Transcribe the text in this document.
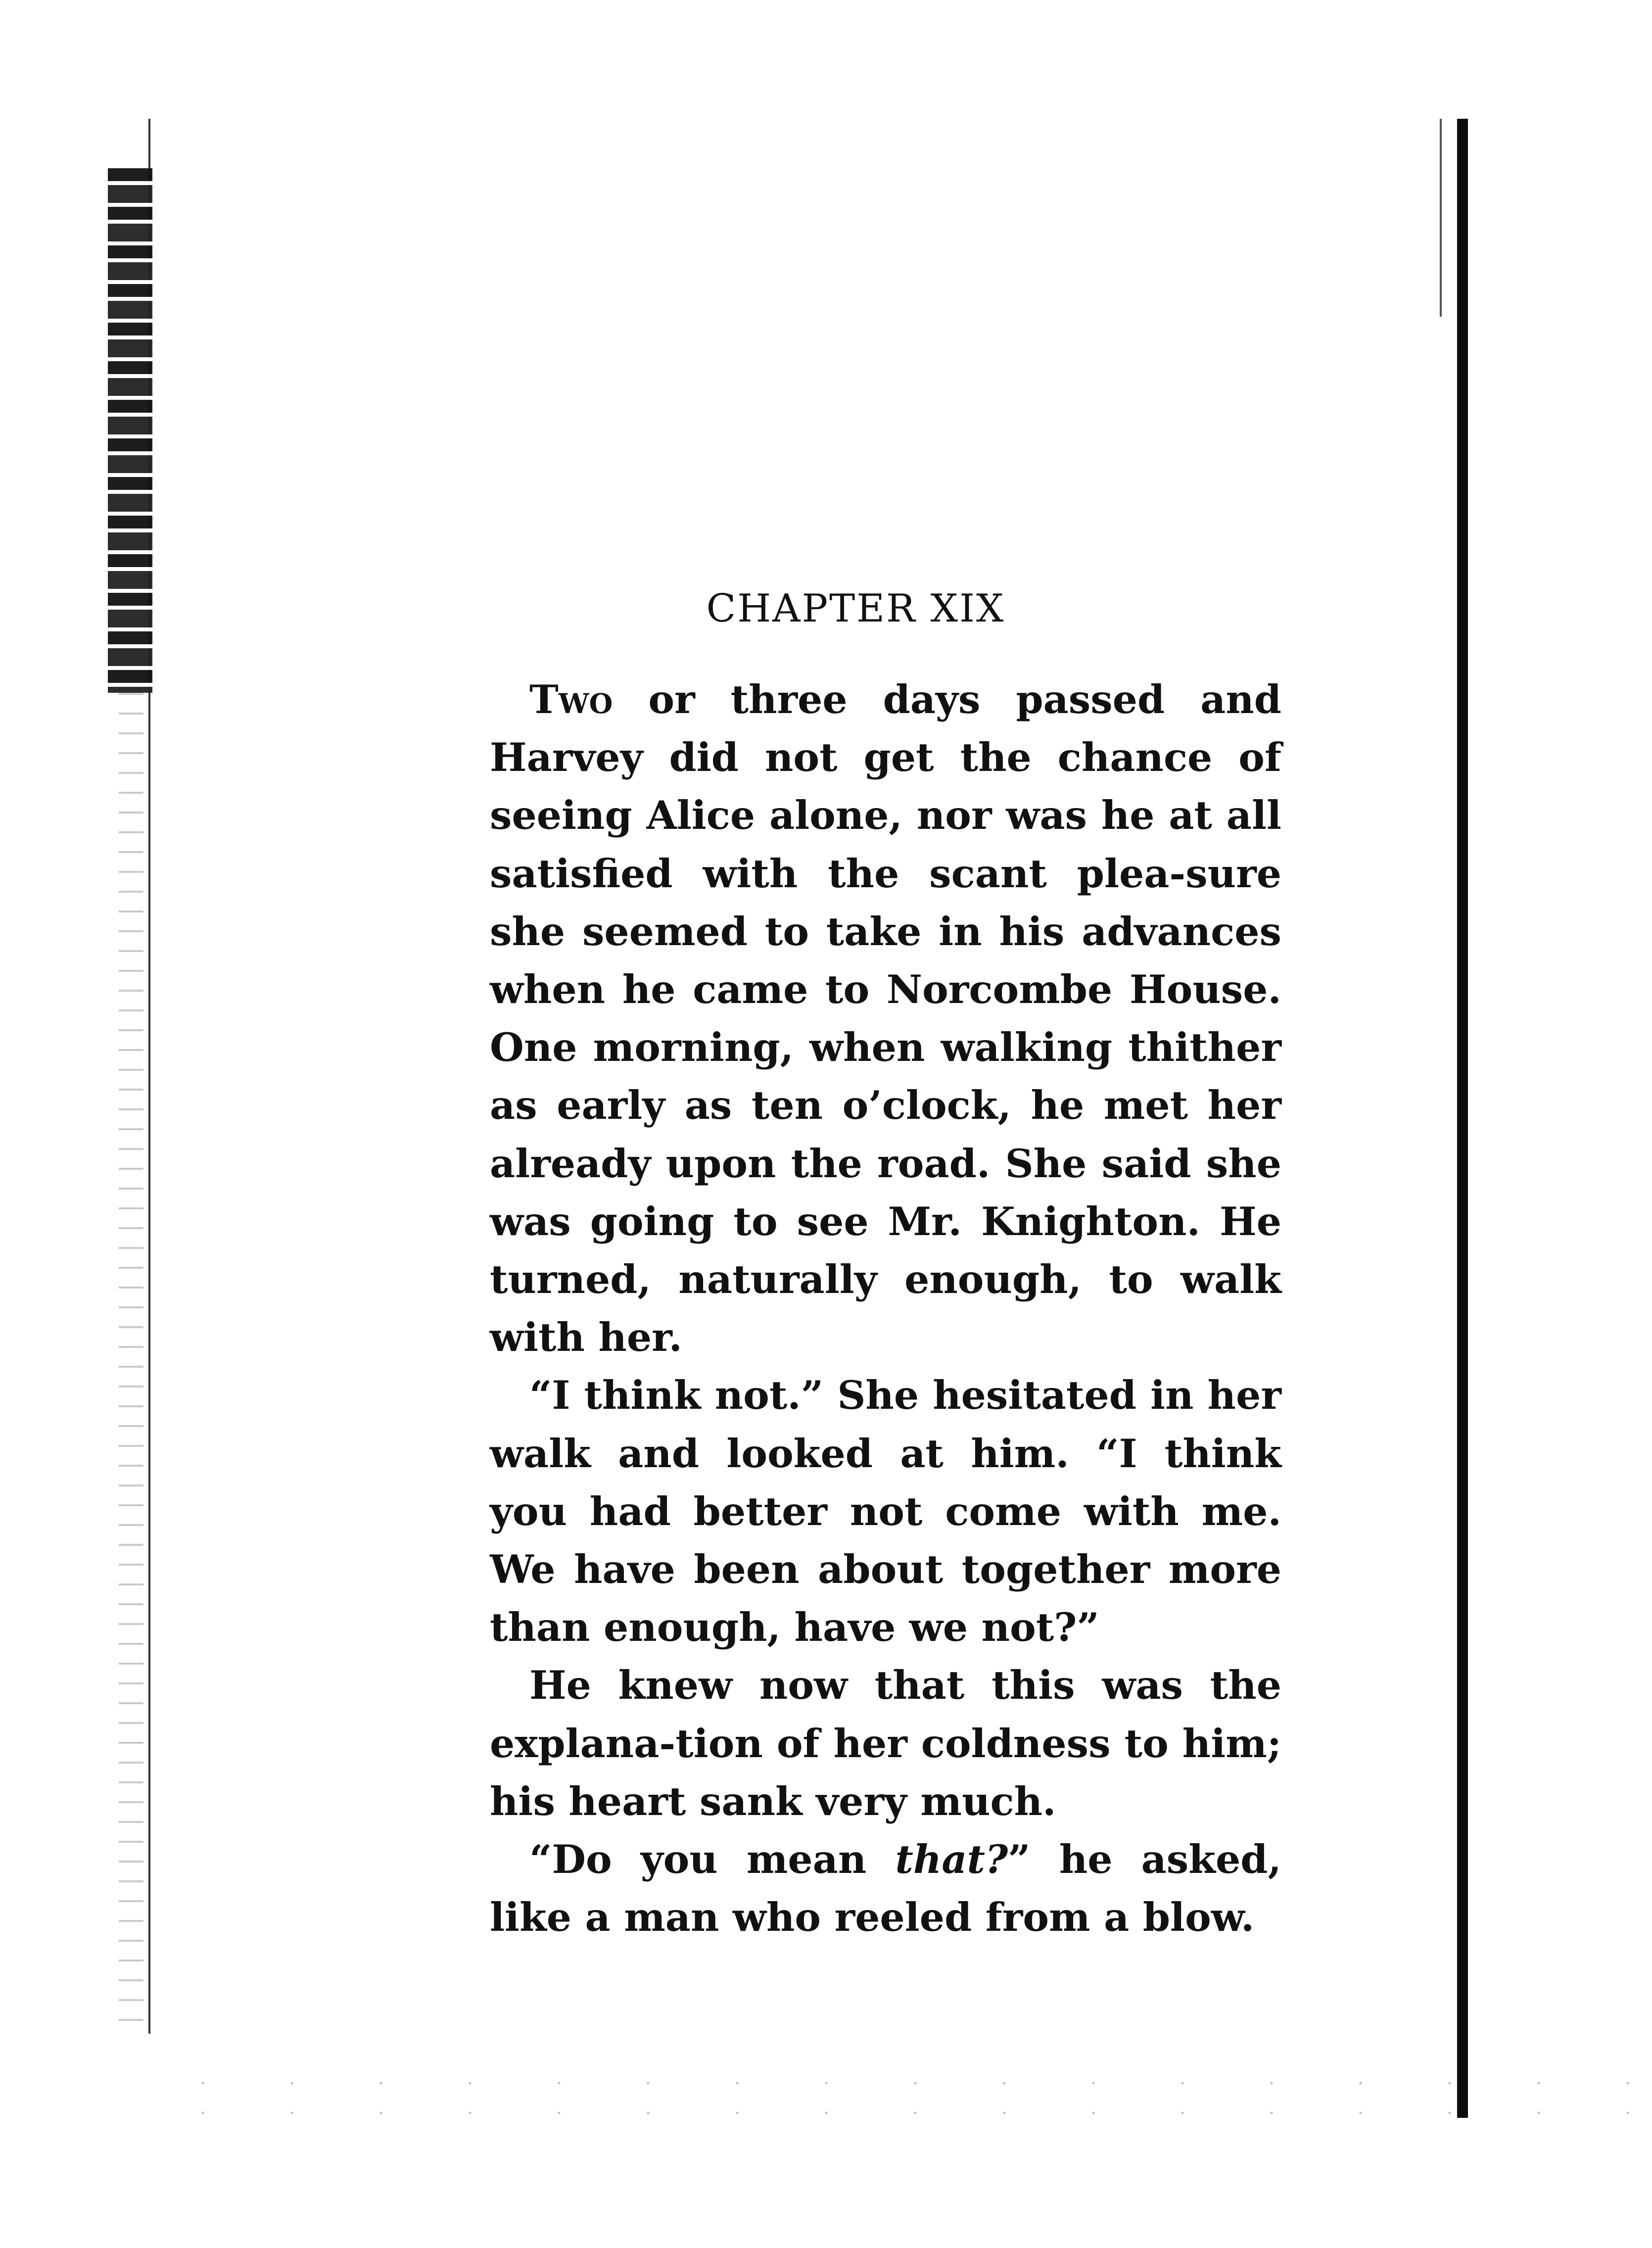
CHAPTER XIX

Two or three days passed and Harvey did not get the chance of seeing Alice alone, nor was he at all satisfied with the scant plea-sure she seemed to take in his advances when he came to Norcombe House. One morning, when walking thither as early as ten o’clock, he met her already upon the road. She said she was going to see Mr. Knighton. He turned, naturally enough, to walk with her.

“I think not.” She hesitated in her walk and looked at him. “I think you had better not come with me. We have been about together more than enough, have we not?”

He knew now that this was the explana-tion of her coldness to him; his heart sank very much.

“Do you mean that?” he asked, like a man who reeled from a blow.
